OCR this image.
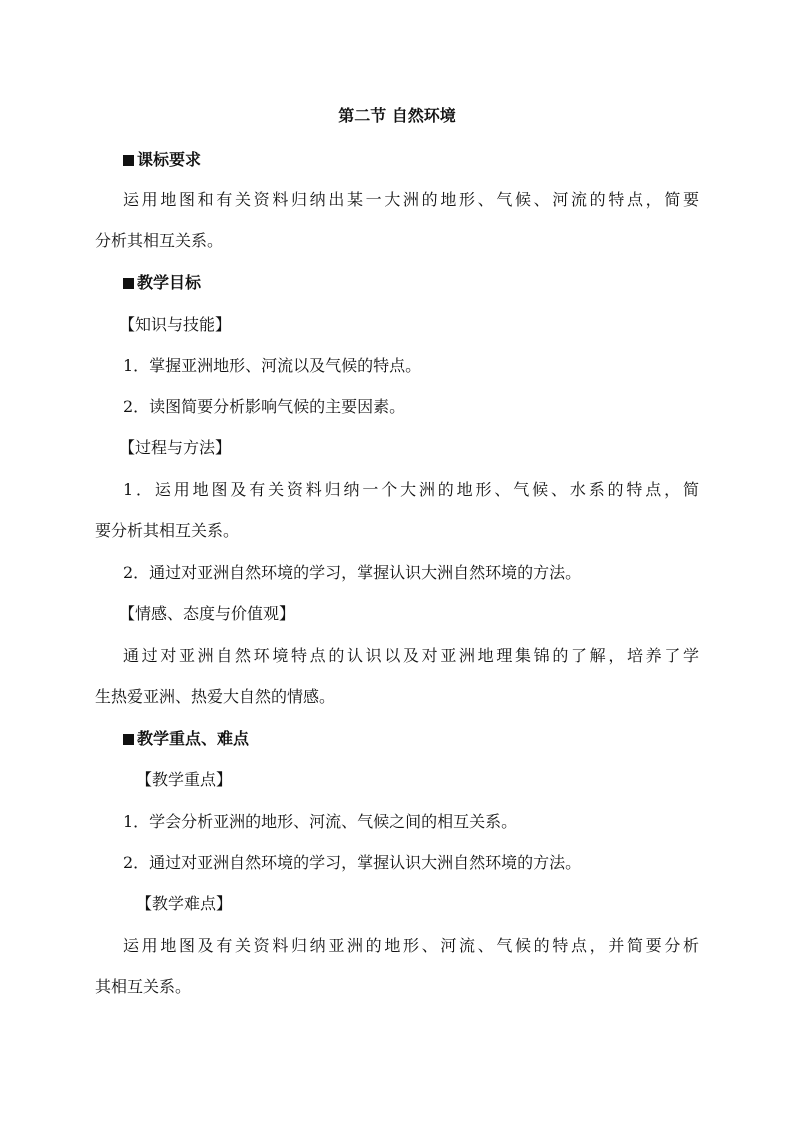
第二节 自然环境
课标要求
运用地图和有关资料归纳出某一大洲的地形、气候、河流的特点，简要
分析其相互关系。
教学目标
【知识与技能】
1．掌握亚洲地形、河流以及气候的特点。
2．读图简要分析影响气候的主要因素。
【过程与方法】
1．运用地图及有关资料归纳一个大洲的地形、气候、水系的特点，简
要分析其相互关系。
2．通过对亚洲自然环境的学习，掌握认识大洲自然环境的方法。
【情感、态度与价值观】
通过对亚洲自然环境特点的认识以及对亚洲地理集锦的了解，培养了学
生热爱亚洲、热爱大自然的情感。
教学重点、难点
【教学重点】
1．学会分析亚洲的地形、河流、气候之间的相互关系。
2．通过对亚洲自然环境的学习，掌握认识大洲自然环境的方法。
【教学难点】
运用地图及有关资料归纳亚洲的地形、河流、气候的特点，并简要分析
其相互关系。
